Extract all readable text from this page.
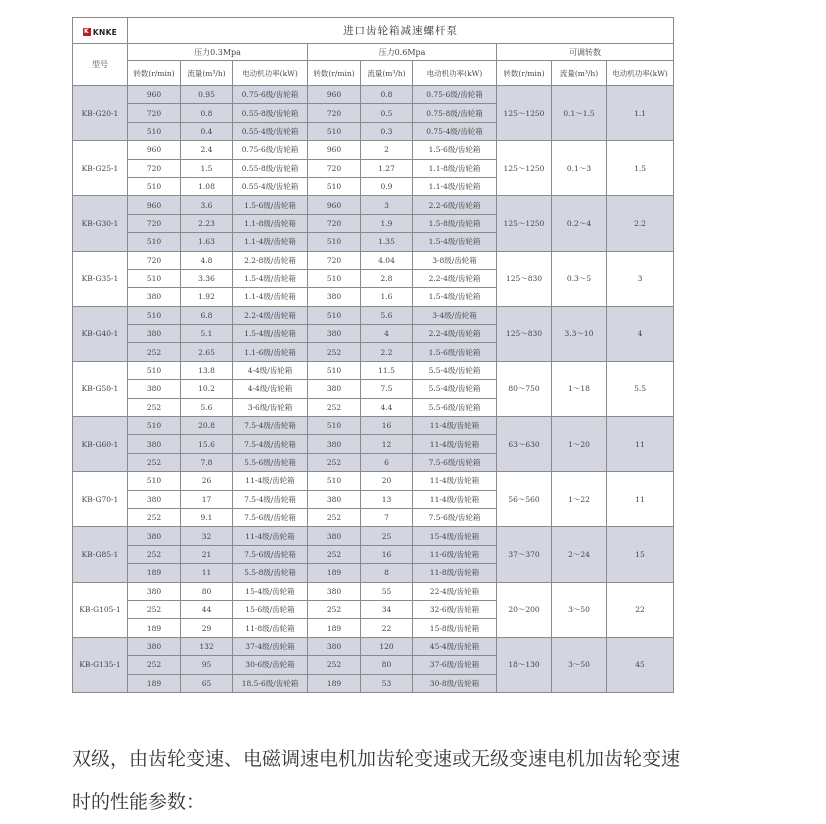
K KNKE	进口齿轮箱减速螺杆泵								
型号	压力0.3Mpa			压力0.6Mpa			可调转数		
	转数(r/min)	流量(m³/h)	电动机功率(kW)	转数(r/min)	流量(m³/h)	电动机功率(kW)	转数(r/min)	流量(m³/h)	电动机功率(kW)
KB-G20-1	960	0.95	0.75-6级/齿轮箱	960	0.8	0.75-6级/齿轮箱	125～1250	0.1～1.5	1.1
	720	0.8	0.55-8级/齿轮箱	720	0.5	0.75-8级/齿轮箱			
	510	0.4	0.55-4级/齿轮箱	510	0.3	0.75-4级/齿轮箱			
KB-G25-1	960	2.4	0.75-6级/齿轮箱	960	2	1.5-6级/齿轮箱	125～1250	0.1～3	1.5
	720	1.5	0.55-8级/齿轮箱	720	1.27	1.1-8级/齿轮箱			
	510	1.08	0.55-4级/齿轮箱	510	0.9	1.1-4级/齿轮箱			
KB-G30-1	960	3.6	1.5-6级/齿轮箱	960	3	2.2-6级/齿轮箱	125～1250	0.2～4	2.2
	720	2.23	1.1-8级/齿轮箱	720	1.9	1.5-8级/齿轮箱			
	510	1.63	1.1-4级/齿轮箱	510	1.35	1.5-4级/齿轮箱			
KB-G35-1	720	4.8	2.2-8级/齿轮箱	720	4.04	3-8级/齿轮箱	125～830	0.3～5	3
	510	3.36	1.5-4级/齿轮箱	510	2.8	2.2-4级/齿轮箱			
	380	1.92	1.1-4级/齿轮箱	380	1.6	1.5-4级/齿轮箱			
KB-G40-1	510	6.8	2.2-4级/齿轮箱	510	5.6	3-4级/齿轮箱	125～830	3.3～10	4
	380	5.1	1.5-4级/齿轮箱	380	4	2.2-4级/齿轮箱			
	252	2.65	1.1-6级/齿轮箱	252	2.2	1.5-6级/齿轮箱			
KB-G50-1	510	13.8	4-4级/齿轮箱	510	11.5	5.5-4级/齿轮箱	80～750	1～18	5.5
	380	10.2	4-4级/齿轮箱	380	7.5	5.5-4级/齿轮箱			
	252	5.6	3-6级/齿轮箱	252	4.4	5.5-6级/齿轮箱			
KB-G60-1	510	20.8	7.5-4级/齿轮箱	510	16	11-4级/齿轮箱	63～630	1～20	11
	380	15.6	7.5-4级/齿轮箱	380	12	11-4级/齿轮箱			
	252	7.8	5.5-6级/齿轮箱	252	6	7.5-6级/齿轮箱			
KB-G70-1	510	26	11-4级/齿轮箱	510	20	11-4级/齿轮箱	56～560	1～22	11
	380	17	7.5-4级/齿轮箱	380	13	11-4级/齿轮箱			
	252	9.1	7.5-6级/齿轮箱	252	7	7.5-6级/齿轮箱			
KB-G85-1	380	32	11-4级/齿轮箱	380	25	15-4级/齿轮箱	37～370	2～24	15
	252	21	7.5-6级/齿轮箱	252	16	11-6级/齿轮箱			
	189	11	5.5-8级/齿轮箱	189	8	11-8级/齿轮箱			
KB-G105-1	380	80	15-4级/齿轮箱	380	55	22-4级/齿轮箱	20～200	3～50	22
	252	44	15-6级/齿轮箱	252	34	32-6级/齿轮箱			
	189	29	11-8级/齿轮箱	189	22	15-8级/齿轮箱			
KB-G135-1	380	132	37-4级/齿轮箱	380	120	45-4级/齿轮箱	18～130	3～50	45
	252	95	30-6级/齿轮箱	252	80	37-6级/齿轮箱			
	189	65	18.5-6级/齿轮箱	189	53	30-8级/齿轮箱			
双级，由齿轮变速、电磁调速电机加齿轮变速或无级变速电机加齿轮变速时的性能参数：
